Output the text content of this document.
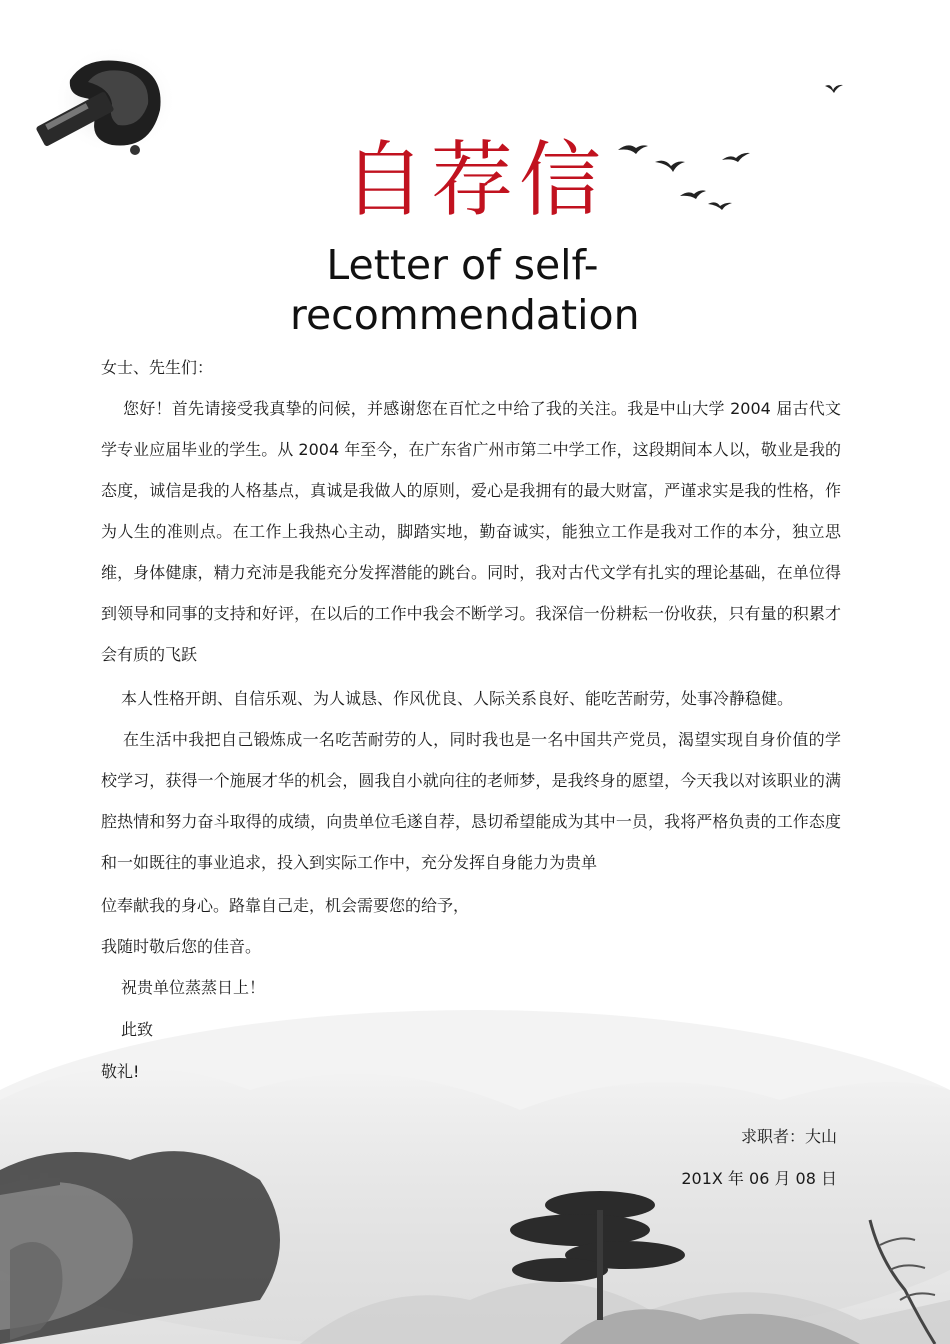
自荐信
Letter of self-recommendation
女士、先生们：
您好！首先请接受我真挚的问候，并感谢您在百忙之中给了我的关注。我是中山大学 2004 届古代文学专业应届毕业的学生。从 2004 年至今，在广东省广州市第二中学工作，这段期间本人以，敬业是我的态度，诚信是我的人格基点，真诚是我做人的原则，爱心是我拥有的最大财富，严谨求实是我的性格，作为人生的准则点。在工作上我热心主动，脚踏实地，勤奋诚实，能独立工作是我对工作的本分，独立思维，身体健康，精力充沛是我能充分发挥潜能的跳台。同时，我对古代文学有扎实的理论基础，在单位得到领导和同事的支持和好评，在以后的工作中我会不断学习。我深信一份耕耘一份收获，只有量的积累才会有质的飞跃
本人性格开朗、自信乐观、为人诚恳、作风优良、人际关系良好、能吃苦耐劳，处事冷静稳健。
在生活中我把自己锻炼成一名吃苦耐劳的人，同时我也是一名中国共产党员，渴望实现自身价值的学校学习，获得一个施展才华的机会，圆我自小就向往的老师梦，是我终身的愿望，今天我以对该职业的满腔热情和努力奋斗取得的成绩，向贵单位毛遂自荐，恳切希望能成为其中一员，我将严格负责的工作态度和一如既往的事业追求，投入到实际工作中，充分发挥自身能力为贵单
位奉献我的身心。路靠自己走，机会需要您的给予，
我随时敬后您的佳音。
祝贵单位蒸蒸日上！
此致
敬礼!
求职者：大山
201X 年 06 月 08 日
